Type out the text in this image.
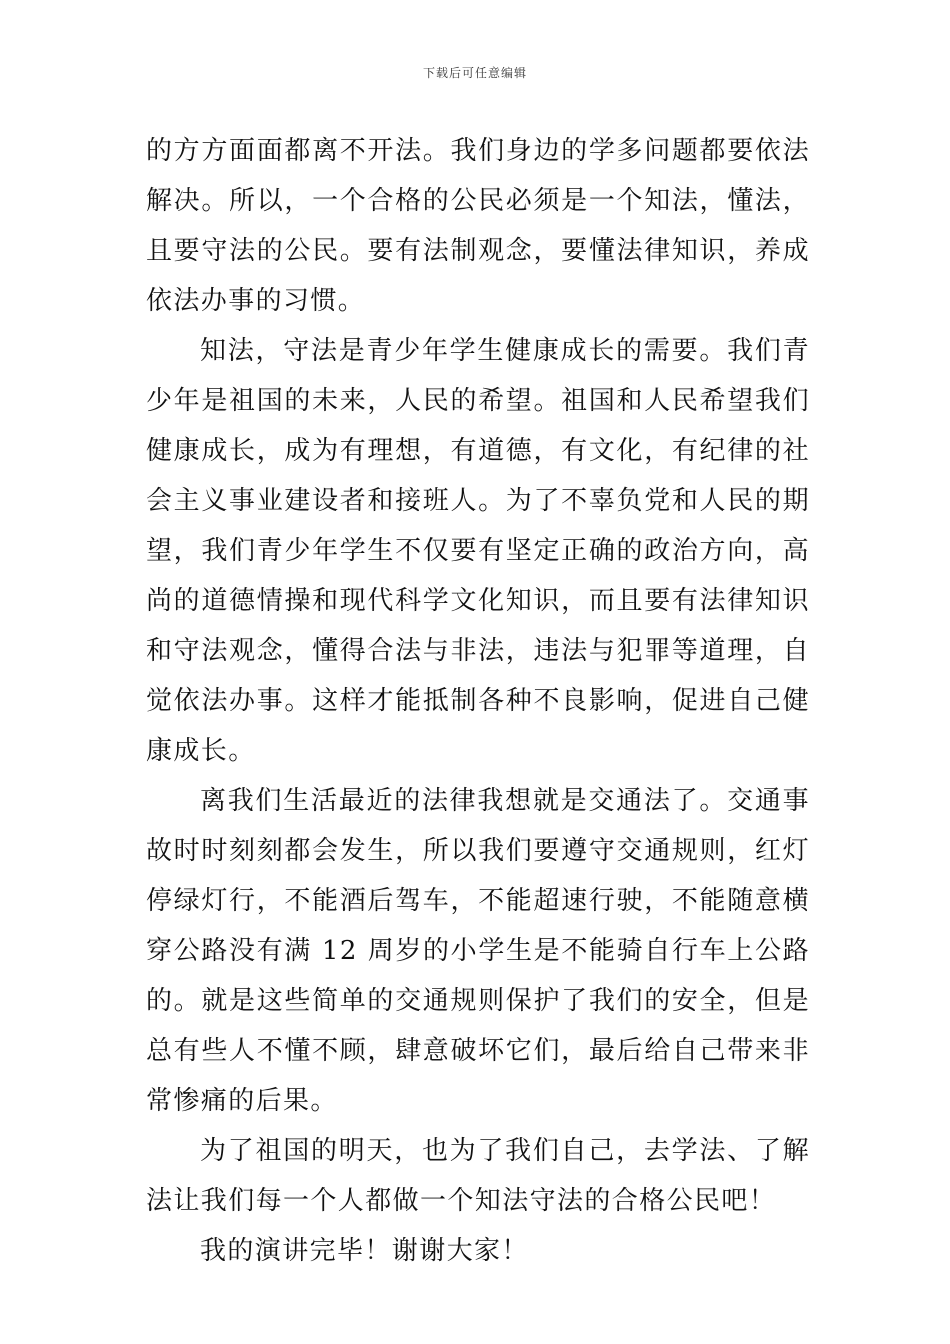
下载后可任意编辑

的方方面面都离不开法。我们身边的学多问题都要依法解决。所以，一个合格的公民必须是一个知法，懂法，且要守法的公民。要有法制观念，要懂法律知识，养成依法办事的习惯。

知法，守法是青少年学生健康成长的需要。我们青少年是祖国的未来，人民的希望。祖国和人民希望我们健康成长，成为有理想，有道德，有文化，有纪律的社会主义事业建设者和接班人。为了不辜负党和人民的期望，我们青少年学生不仅要有坚定正确的政治方向，高尚的道德情操和现代科学文化知识，而且要有法律知识和守法观念，懂得合法与非法，违法与犯罪等道理，自觉依法办事。这样才能抵制各种不良影响，促进自己健康成长。

离我们生活最近的法律我想就是交通法了。交通事故时时刻刻都会发生，所以我们要遵守交通规则，红灯停绿灯行，不能酒后驾车，不能超速行驶，不能随意横穿公路没有满 12 周岁的小学生是不能骑自行车上公路的。就是这些简单的交通规则保护了我们的安全，但是总有些人不懂不顾，肆意破坏它们，最后给自己带来非常惨痛的后果。

为了祖国的明天，也为了我们自己，去学法、了解法让我们每一个人都做一个知法守法的合格公民吧！

我的演讲完毕！谢谢大家！
